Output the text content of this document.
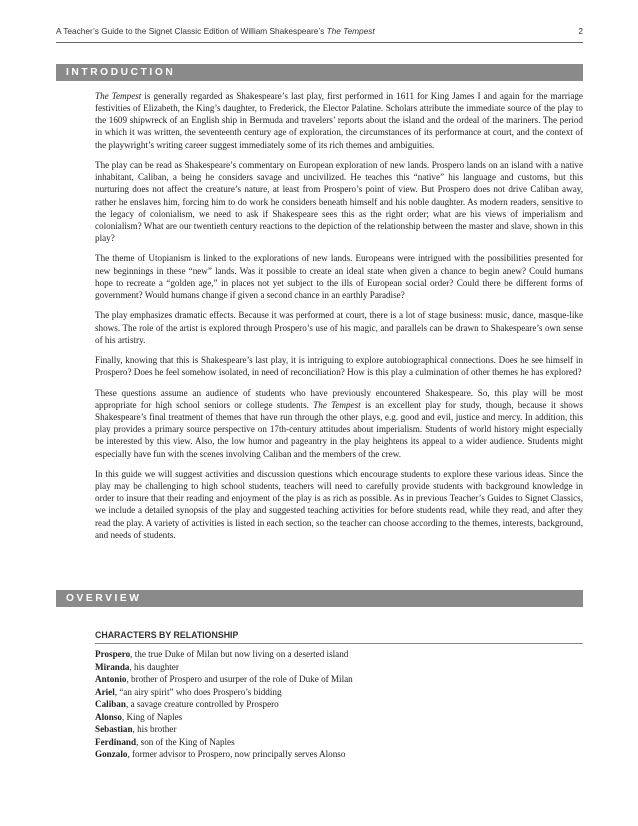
A Teacher’s Guide to the Signet Classic Edition of William Shakespeare’s The Tempest	2
INTRODUCTION

The Tempest is generally regarded as Shakespeare’s last play, first performed in 1611 for King James I and again for the marriage festivities of Elizabeth, the King’s daughter, to Frederick, the Elector Palatine. Scholars attribute the immediate source of the play to the 1609 shipwreck of an English ship in Bermuda and travelers’ reports about the island and the ordeal of the mariners. The period in which it was written, the seventeenth century age of exploration, the circumstances of its performance at court, and the context of the playwright’s writing career suggest immediately some of its rich themes and ambiguities.

The play can be read as Shakespeare’s commentary on European exploration of new lands. Prospero lands on an island with a native inhabitant, Caliban, a being he considers savage and uncivilized. He teaches this “native” his language and customs, but this nurturing does not affect the creature’s nature, at least from Prospero’s point of view. But Prospero does not drive Caliban away, rather he enslaves him, forcing him to do work he considers beneath himself and his noble daughter. As modern readers, sensitive to the legacy of colonialism, we need to ask if Shakespeare sees this as the right order; what are his views of imperialism and colonialism? What are our twentieth century reactions to the depiction of the relationship between the master and slave, shown in this play?

The theme of Utopianism is linked to the explorations of new lands. Europeans were intrigued with the possibilities presented for new beginnings in these “new” lands. Was it possible to create an ideal state when given a chance to begin anew? Could humans hope to recreate a “golden age,” in places not yet subject to the ills of European social order? Could there be different forms of government? Would humans change if given a second chance in an earthly Paradise?

The play emphasizes dramatic effects. Because it was performed at court, there is a lot of stage business: music, dance, masque-like shows. The role of the artist is explored through Prospero’s use of his magic, and parallels can be drawn to Shakespeare’s own sense of his artistry.

Finally, knowing that this is Shakespeare’s last play, it is intriguing to explore autobiographical connections. Does he see himself in Prospero? Does he feel somehow isolated, in need of reconciliation? How is this play a culmination of other themes he has explored?

These questions assume an audience of students who have previously encountered Shakespeare. So, this play will be most appropriate for high school seniors or college students. The Tempest is an excellent play for study, though, because it shows Shakespeare’s final treatment of themes that have run through the other plays, e.g. good and evil, justice and mercy. In addition, this play provides a primary source perspective on 17th-century attitudes about imperialism. Students of world history might especially be interested by this view. Also, the low humor and pageantry in the play heightens its appeal to a wider audience. Students might especially have fun with the scenes involving Caliban and the members of the crew.

In this guide we will suggest activities and discussion questions which encourage students to explore these various ideas. Since the play may be challenging to high school students, teachers will need to carefully provide students with background knowledge in order to insure that their reading and enjoyment of the play is as rich as possible. As in previous Teacher’s Guides to Signet Classics, we include a detailed synopsis of the play and suggested teaching activities for before students read, while they read, and after they read the play. A variety of activities is listed in each section, so the teacher can choose according to the themes, interests, background, and needs of students.

OVERVIEW
CHARACTERS BY RELATIONSHIP
Prospero, the true Duke of Milan but now living on a deserted island
Miranda, his daughter
Antonio, brother of Prospero and usurper of the role of Duke of Milan
Ariel, “an airy spirit” who does Prospero’s bidding
Caliban, a savage creature controlled by Prospero
Alonso, King of Naples
Sebastian, his brother
Ferdinand, son of the King of Naples
Gonzalo, former advisor to Prospero, now principally serves Alonso
